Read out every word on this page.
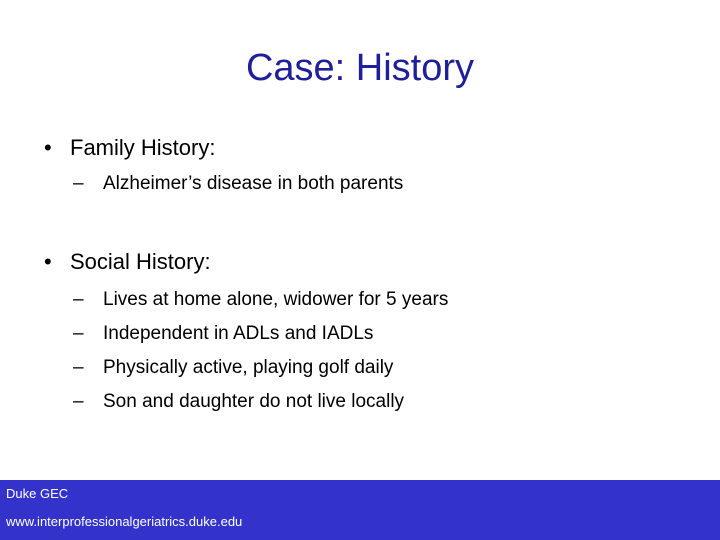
Case: History
• Family History:
– Alzheimer’s disease in both parents
• Social History:
– Lives at home alone, widower for 5 years
– Independent in ADLs and IADLs
– Physically active, playing golf daily
– Son and daughter do not live locally
Duke GEC
www.interprofessionalgeriatrics.duke.edu
